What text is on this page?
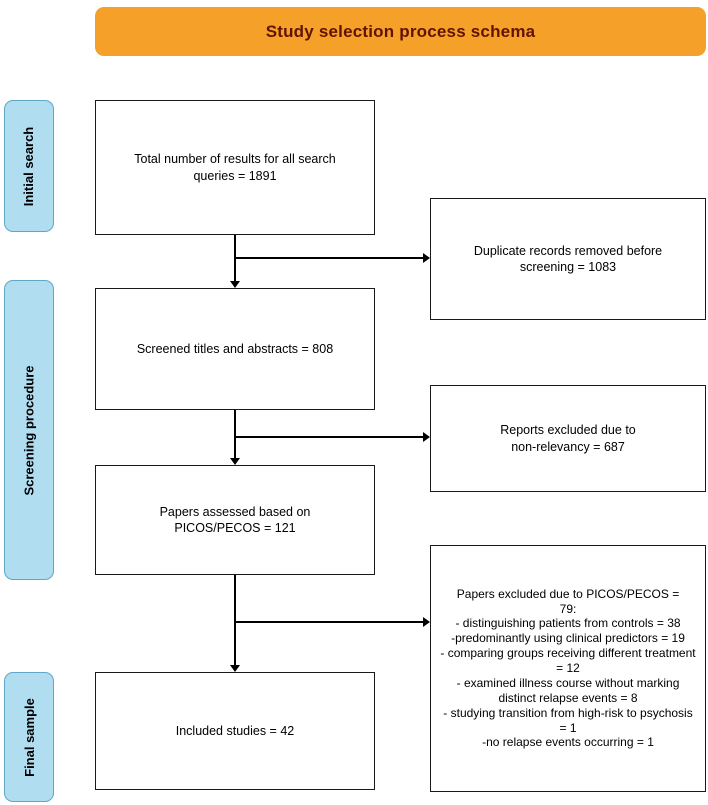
Study selection process schema
Initial search
Screening procedure
Final sample
Total number of results for all search
queries = 1891
Screened titles and abstracts = 808
Papers assessed based on
PICOS/PECOS = 121
Included studies = 42
Duplicate records removed before
screening = 1083
Reports excluded due to
non-relevancy = 687
Papers excluded due to PICOS/PECOS =
79:
- distinguishing patients from controls = 38
-predominantly using clinical predictors = 19
- comparing groups receiving different treatment = 12
- examined illness course without marking distinct relapse events = 8
- studying transition from high-risk to psychosis = 1
-no relapse events occurring = 1
